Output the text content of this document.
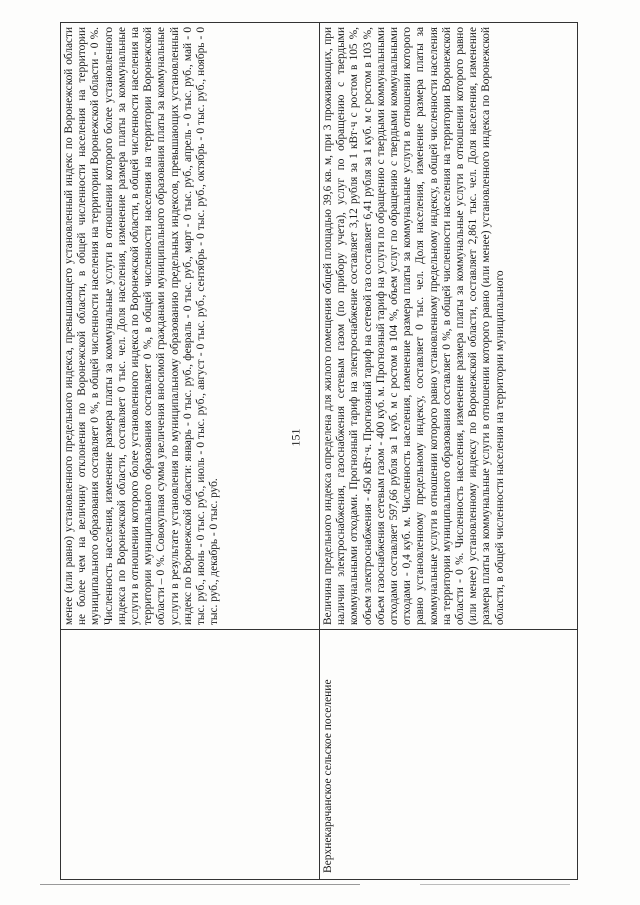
менее (или равно) установленного предельного индекса, превышающего установленный индекс по Воронежской области не более чем на величину отклонения по Воронежской области, в общей численности населения на территории муниципального образования составляет 0 %, в общей численности населения на территории Воронежской области - 0 %. Численность населения, изменение размера платы за коммунальные услуги в отношении которого более установленного индекса по Воронежской области, составляет 0 тыс. чел. Доля населения, изменение размера платы за коммунальные услуги в отношении которого более установленного индекса по Воронежской области, в общей численности населения на территории муниципального образования составляет 0 %, в общей численности населения на территории Воронежской области – 0 %. Совокупная сумма увеличения вносимой гражданами муниципального образования платы за коммунальные услуги в результате установления по муниципальному образованию предельных индексов, превышающих установленный индекс по Воронежской области: январь - 0 тыс. руб., февраль - 0 тыс. руб., март - 0 тыс. руб., апрель - 0 тыс. руб., май - 0 тыс. руб., июнь - 0 тыс. руб., июль - 0 тыс. руб., август - 0 тыс. руб., сентябрь - 0 тыс. руб., октябрь - 0 тыс. руб., ноябрь - 0 тыс. руб., декабрь - 0 тыс. руб.
Верхнекарачанское сельское поселение
Величина предельного индекса определена для жилого помещения общей площадью 39,6 кв. м, при 3 проживающих, при наличии электроснабжения, газоснабжения сетевым газом (по прибору учета), услуг по обращению с твердыми коммунальными отходами. Прогнозный тариф на электроснабжение составляет 3,12 рубля за 1 кВт·ч с ростом в 105 %, объем электроснабжения - 450 кВт·ч. Прогнозный тариф на сетевой газ составляет 6,41 рубля за 1 куб. м с ростом в 103 %, объем газоснабжения сетевым газом - 400 куб. м. Прогнозный тариф на услуги по обращению с твердыми коммунальными отходами составляет 597,66 рубля за 1 куб. м с ростом в 104 %, объем услуг по обращению с твердыми коммунальными отходами - 0,4 куб. м. Численность населения, изменение размера платы за коммунальные услуги в отношении которого равно установленному предельному индексу, составляет 0 тыс. чел. Доля населения, изменение размера платы за коммунальные услуги в отношении которого равно установленному предельному индексу, в общей численности населения на территории муниципального образования составляет 0 %, в общей численности населения на территории Воронежской области - 0 %. Численность населения, изменение размера платы за коммунальные услуги в отношении которого равно (или менее) установленному индексу по Воронежской области, составляет 2,861 тыс. чел. Доля населения, изменение размера платы за коммунальные услуги в отношении которого равно (или менее) установленного индекса по Воронежской области, в общей численности населения на территории муниципального
151
